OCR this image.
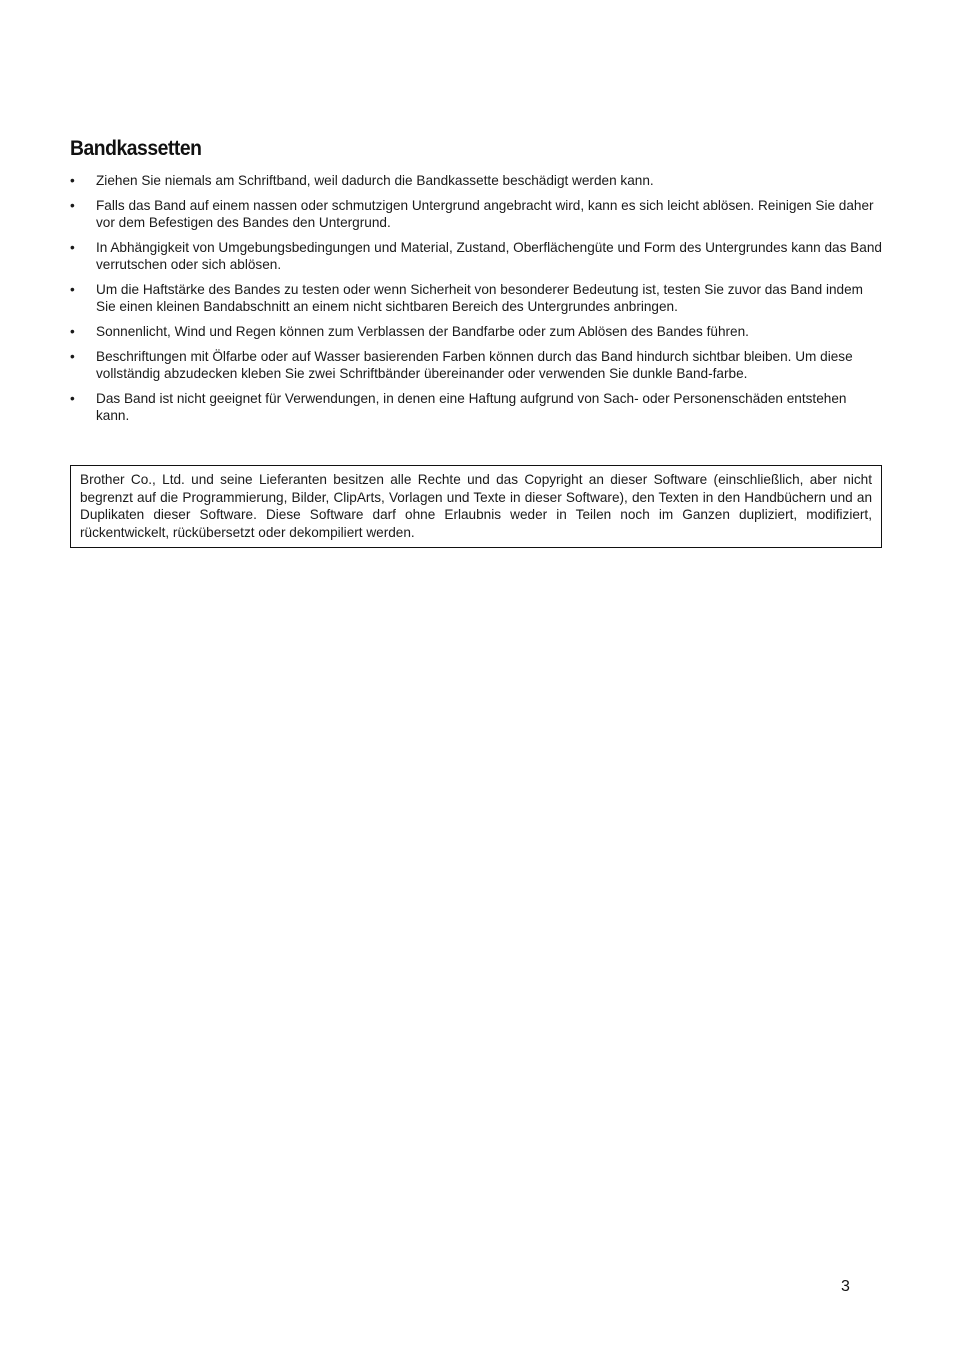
Bandkassetten
• Ziehen Sie niemals am Schriftband, weil dadurch die Bandkassette beschädigt werden kann.
• Falls das Band auf einem nassen oder schmutzigen Untergrund angebracht wird, kann es sich leicht ablösen. Reinigen Sie daher vor dem Befestigen des Bandes den Untergrund.
• In Abhängigkeit von Umgebungsbedingungen und Material, Zustand, Oberflächengüte und Form des Untergrundes kann das Band verrutschen oder sich ablösen.
• Um die Haftstärke des Bandes zu testen oder wenn Sicherheit von besonderer Bedeutung ist, testen Sie zuvor das Band indem Sie einen kleinen Bandabschnitt an einem nicht sichtbaren Bereich des Untergrundes anbringen.
• Sonnenlicht, Wind und Regen können zum Verblassen der Bandfarbe oder zum Ablösen des Bandes führen.
• Beschriftungen mit Ölfarbe oder auf Wasser basierenden Farben können durch das Band hindurch sichtbar bleiben. Um diese vollständig abzudecken kleben Sie zwei Schriftbänder übereinander oder verwenden Sie dunkle Band-farbe.
• Das Band ist nicht geeignet für Verwendungen, in denen eine Haftung aufgrund von Sach- oder Personenschäden entstehen kann.
Brother Co., Ltd. und seine Lieferanten besitzen alle Rechte und das Copyright an dieser Software (einschließlich, aber nicht begrenzt auf die Programmierung, Bilder, ClipArts, Vorlagen und Texte in dieser Software), den Texten in den Handbüchern und an Duplikaten dieser Software. Diese Software darf ohne Erlaubnis weder in Teilen noch im Ganzen dupliziert, modifiziert, rückentwickelt, rückübersetzt oder dekompiliert werden.
3
